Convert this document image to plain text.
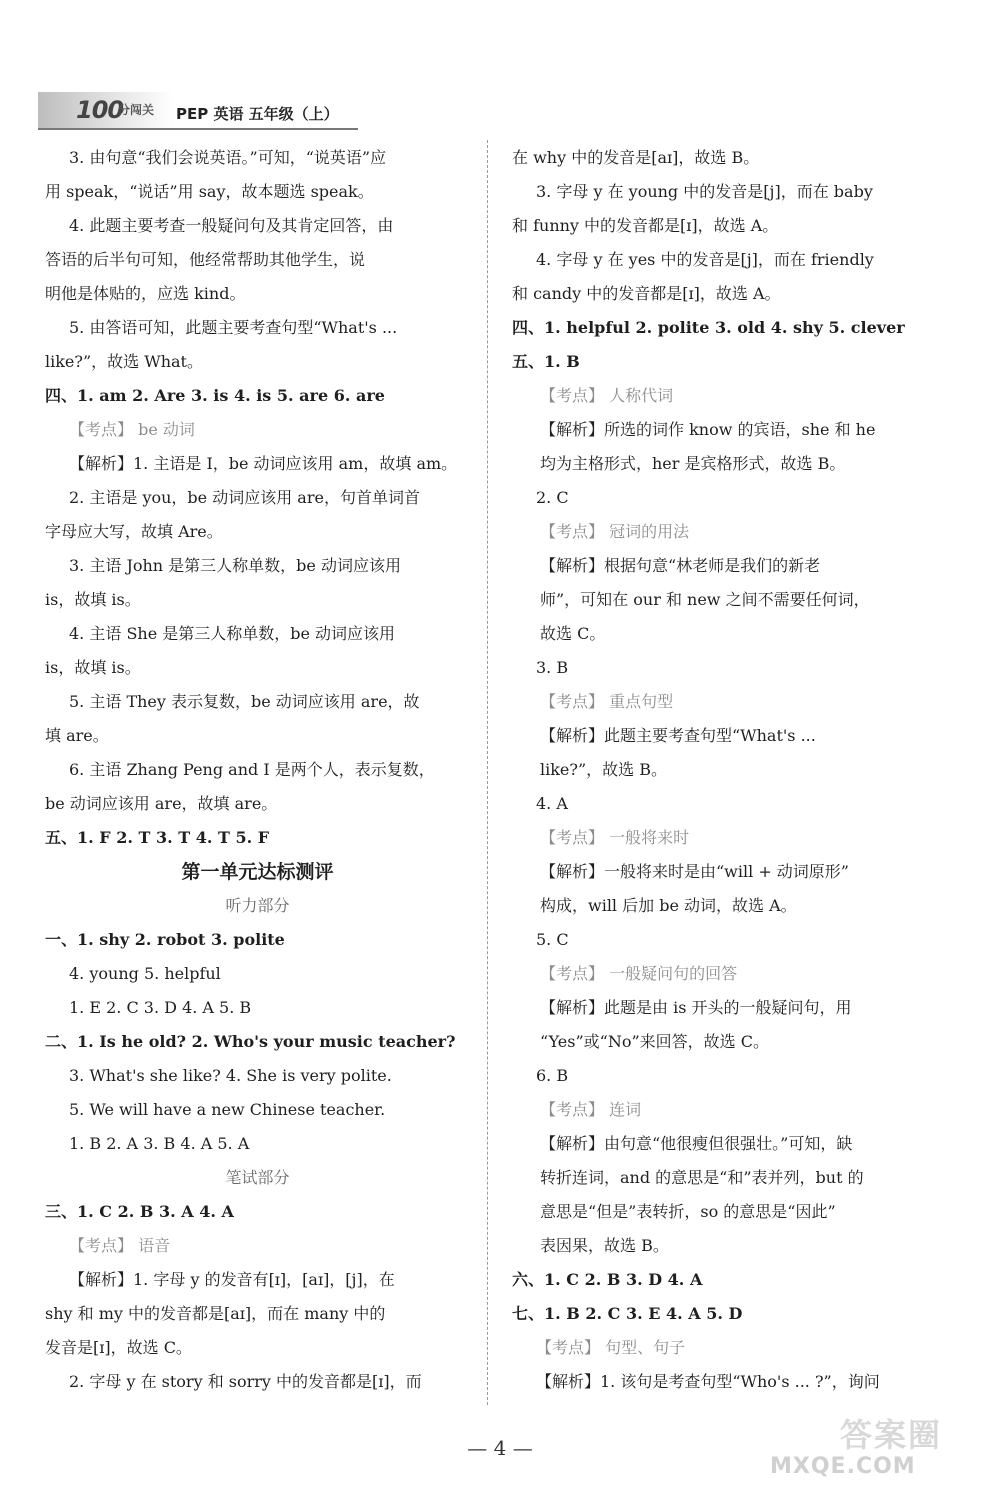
100
分闯关 PEP 英语 五年级（上）
3. 由句意“我们会说英语。”可知，“说英语”应
用 speak，“说话”用 say，故本题选 speak。
4. 此题主要考查一般疑问句及其肯定回答，由
答语的后半句可知，他经常帮助其他学生，说
明他是体贴的，应选 kind。
5. 由答语可知，此题主要考查句型“What's ...
like?”，故选 What。
四、1. am 2. Are 3. is 4. is 5. are 6. are
【考点】 be 动词
【解析】1. 主语是 I，be 动词应该用 am，故填 am。
2. 主语是 you，be 动词应该用 are，句首单词首
字母应大写，故填 Are。
3. 主语 John 是第三人称单数，be 动词应该用
is，故填 is。
4. 主语 She 是第三人称单数，be 动词应该用
is，故填 is。
5. 主语 They 表示复数，be 动词应该用 are，故
填 are。
6. 主语 Zhang Peng and I 是两个人，表示复数，
be 动词应该用 are，故填 are。
五、1. F 2. T 3. T 4. T 5. F
第一单元达标测评
听力部分
一、1. shy 2. robot 3. polite
4. young 5. helpful
1. E 2. C 3. D 4. A 5. B
二、1. Is he old? 2. Who's your music teacher?
3. What's she like? 4. She is very polite.
5. We will have a new Chinese teacher.
1. B 2. A 3. B 4. A 5. A
笔试部分
三、1. C 2. B 3. A 4. A
【考点】 语音
【解析】1. 字母 y 的发音有[ɪ]，[aɪ]，[j]，在
shy 和 my 中的发音都是[aɪ]，而在 many 中的
发音是[ɪ]，故选 C。
2. 字母 y 在 story 和 sorry 中的发音都是[ɪ]，而
在 why 中的发音是[aɪ]，故选 B。
3. 字母 y 在 young 中的发音是[j]，而在 baby
和 funny 中的发音都是[ɪ]，故选 A。
4. 字母 y 在 yes 中的发音是[j]，而在 friendly
和 candy 中的发音都是[ɪ]，故选 A。
四、1. helpful 2. polite 3. old 4. shy 5. clever
五、1. B
【考点】 人称代词
【解析】所选的词作 know 的宾语，she 和 he
均为主格形式，her 是宾格形式，故选 B。
2. C
【考点】 冠词的用法
【解析】根据句意“林老师是我们的新老
师”，可知在 our 和 new 之间不需要任何词，
故选 C。
3. B
【考点】 重点句型
【解析】此题主要考查句型“What's ...
like?”，故选 B。
4. A
【考点】 一般将来时
【解析】一般将来时是由“will + 动词原形”
构成，will 后加 be 动词，故选 A。
5. C
【考点】 一般疑问句的回答
【解析】此题是由 is 开头的一般疑问句，用
“Yes”或“No”来回答，故选 C。
6. B
【考点】 连词
【解析】由句意“他很瘦但很强壮。”可知，缺
转折连词，and 的意思是“和”表并列，but 的
意思是“但是”表转折，so 的意思是“因此”
表因果，故选 B。
六、1. C 2. B 3. D 4. A
七、1. B 2. C 3. E 4. A 5. D
【考点】 句型、句子
【解析】1. 该句是考查句型“Who's ... ?”，询问
— 4 —	答案圈
MXQE.COM
